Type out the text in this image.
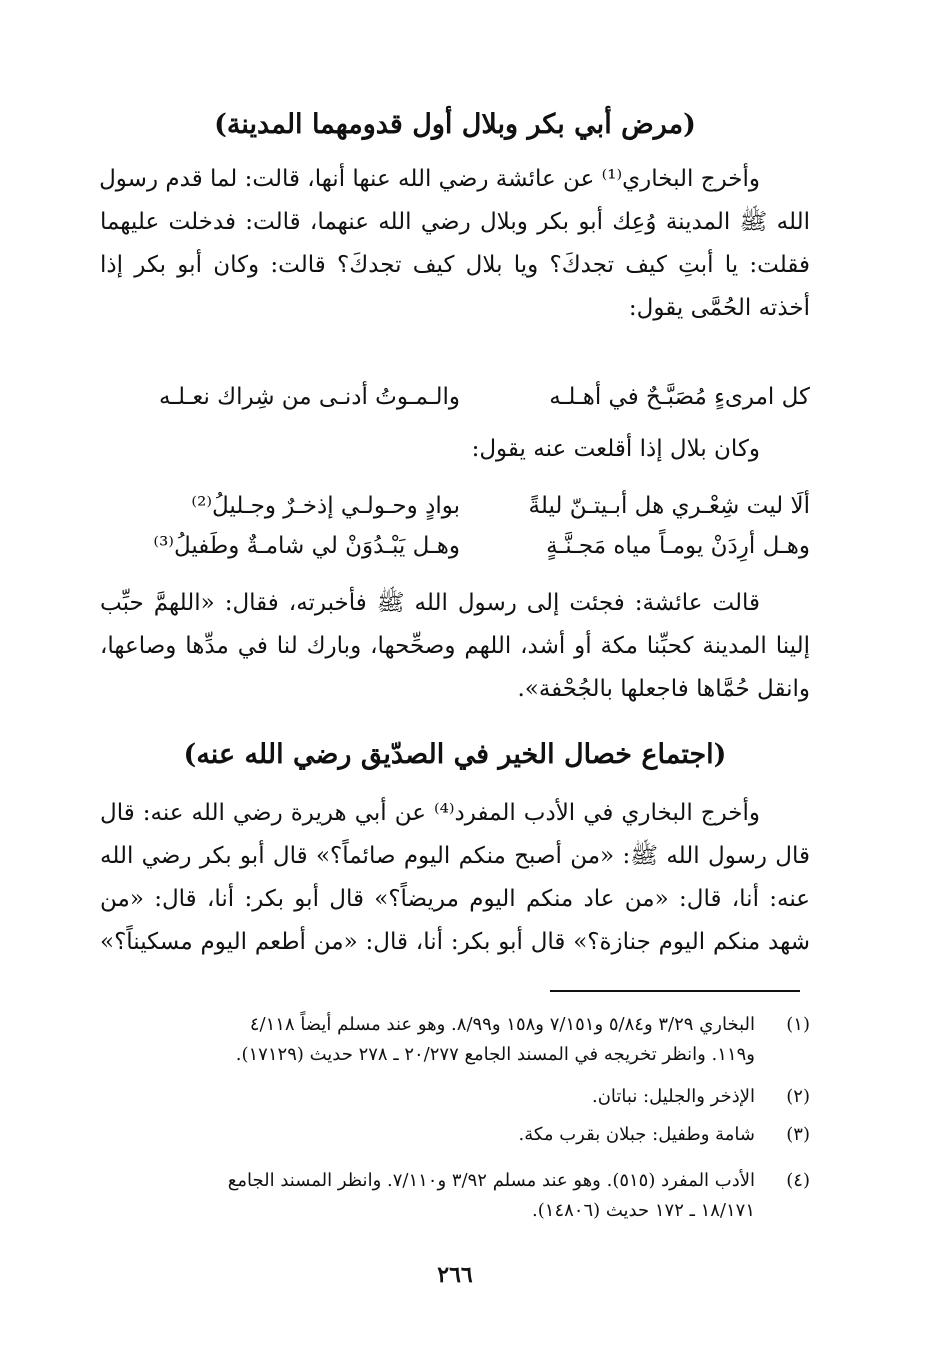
(مرض أبي بكر وبلال أول قدومهما المدينة)
وأخرج البخاري⁽¹⁾ عن عائشة رضي الله عنها أنها، قالت: لما قدم رسول
الله ﷺ المدينة وُعِك أبو بكر وبلال رضي الله عنهما، قالت: فدخلت عليهما
فقلت: يا أبتِ كيف تجدكَ؟ ويا بلال كيف تجدكَ؟ قالت: وكان أبو بكر إذا
أخذته الحُمَّى يقول:
كل امرىءٍ مُصَبَّـحٌ في أهـلـه
والـمـوتُ أدنـى من شِراك نعـلـه
وكان بلال إذا أقلعت عنه يقول:
ألَا ليت شِعْـري هل أبـيتـنّ ليلةً
بوادٍ وحـولـي إذخـرٌ وجـليلُ⁽²⁾
وهـل أرِدَنْ يومـاً مياه مَجـنَّـةٍ
وهـل يَبْـدُوَنْ لي شامـةٌ وطَفيلُ⁽³⁾
قالت عائشة: فجئت إلى رسول الله ﷺ فأخبرته، فقال: «اللهمَّ حبِّب
إلينا المدينة كحبِّنا مكة أو أشد، اللهم وصحِّحها، وبارك لنا في مدِّها وصاعها،
وانقل حُمَّاها فاجعلها بالجُحْفة».
(اجتماع خصال الخير في الصدّيق رضي الله عنه)
وأخرج البخاري في الأدب المفرد⁽⁴⁾ عن أبي هريرة رضي الله عنه: قال
قال رسول الله ﷺ: «من أصبح منكم اليوم صائماً؟» قال أبو بكر رضي الله
عنه: أنا، قال: «من عاد منكم اليوم مريضاً؟» قال أبو بكر: أنا، قال: «من
شهد منكم اليوم جنازة؟» قال أبو بكر: أنا، قال: «من أطعم اليوم مسكيناً؟»
(١)
البخاري ٣/٢٩ و٥/٨٤ و٧/١٥١ و١٥٨ و٨/٩٩. وهو عند مسلم أيضاً ٤/١١٨
و١١٩. وانظر تخريجه في المسند الجامع ٢٠/٢٧٧ ـ ٢٧٨ حديث (١٧١٢٩).
(٢)
الإذخر والجليل: نباتان.
(٣)
شامة وطفيل: جبلان بقرب مكة.
(٤)
الأدب المفرد (٥١٥). وهو عند مسلم ٣/٩٢ و٧/١١٠. وانظر المسند الجامع
١٨/١٧١ ـ ١٧٢ حديث (١٤٨٠٦).
٢٦٦
